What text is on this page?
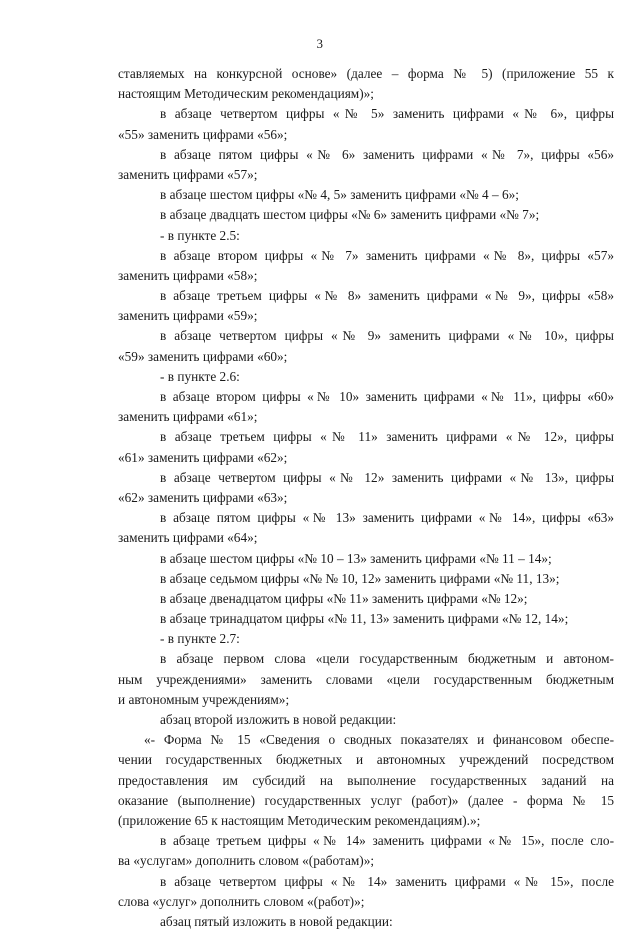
3
ставляемых на конкурсной основе» (далее – форма № 5) (приложение 55 к
настоящим Методическим рекомендациям)»;
в абзаце четвертом цифры «№ 5» заменить цифрами «№ 6», цифры
«55» заменить цифрами «56»;
в абзаце пятом цифры «№ 6» заменить цифрами «№ 7», цифры «56»
заменить цифрами «57»;
в абзаце шестом цифры «№ 4, 5» заменить цифрами «№ 4 – 6»;
в абзаце двадцать шестом цифры «№ 6» заменить цифрами «№ 7»;
- в пункте 2.5:
в абзаце втором цифры «№ 7» заменить цифрами «№ 8», цифры «57»
заменить цифрами «58»;
в абзаце третьем цифры «№ 8» заменить цифрами «№ 9», цифры «58»
заменить цифрами «59»;
в абзаце четвертом цифры «№ 9» заменить цифрами «№ 10», цифры
«59» заменить цифрами «60»;
- в пункте 2.6:
в абзаце втором цифры «№ 10» заменить цифрами «№ 11», цифры «60»
заменить цифрами «61»;
в абзаце третьем цифры «№ 11» заменить цифрами «№ 12», цифры
«61» заменить цифрами «62»;
в абзаце четвертом цифры «№ 12» заменить цифрами «№ 13», цифры
«62» заменить цифрами «63»;
в абзаце пятом цифры «№ 13» заменить цифрами «№ 14», цифры «63»
заменить цифрами «64»;
в абзаце шестом цифры «№ 10 – 13» заменить цифрами «№ 11 – 14»;
в абзаце седьмом цифры «№ № 10, 12» заменить цифрами «№ 11, 13»;
в абзаце двенадцатом цифры «№ 11» заменить цифрами «№ 12»;
в абзаце тринадцатом цифры «№ 11, 13» заменить цифрами «№ 12, 14»;
- в пункте 2.7:
в абзаце первом слова «цели государственным бюджетным и автоном-
ным учреждениями» заменить словами «цели государственным бюджетным
и автономным учреждениям»;
абзац второй изложить в новой редакции:
«- Форма № 15 «Сведения о сводных показателях и финансовом обеспе-
чении государственных бюджетных и автономных учреждений посредством
предоставления им субсидий на выполнение государственных заданий на
оказание (выполнение) государственных услуг (работ)» (далее - форма № 15
(приложение 65 к настоящим Методическим рекомендациям).»;
в абзаце третьем цифры «№ 14» заменить цифрами «№ 15», после сло-
ва «услугам» дополнить словом «(работам)»;
в абзаце четвертом цифры «№ 14» заменить цифрами «№ 15», после
слова «услуг» дополнить словом «(работ)»;
абзац пятый изложить в новой редакции:
